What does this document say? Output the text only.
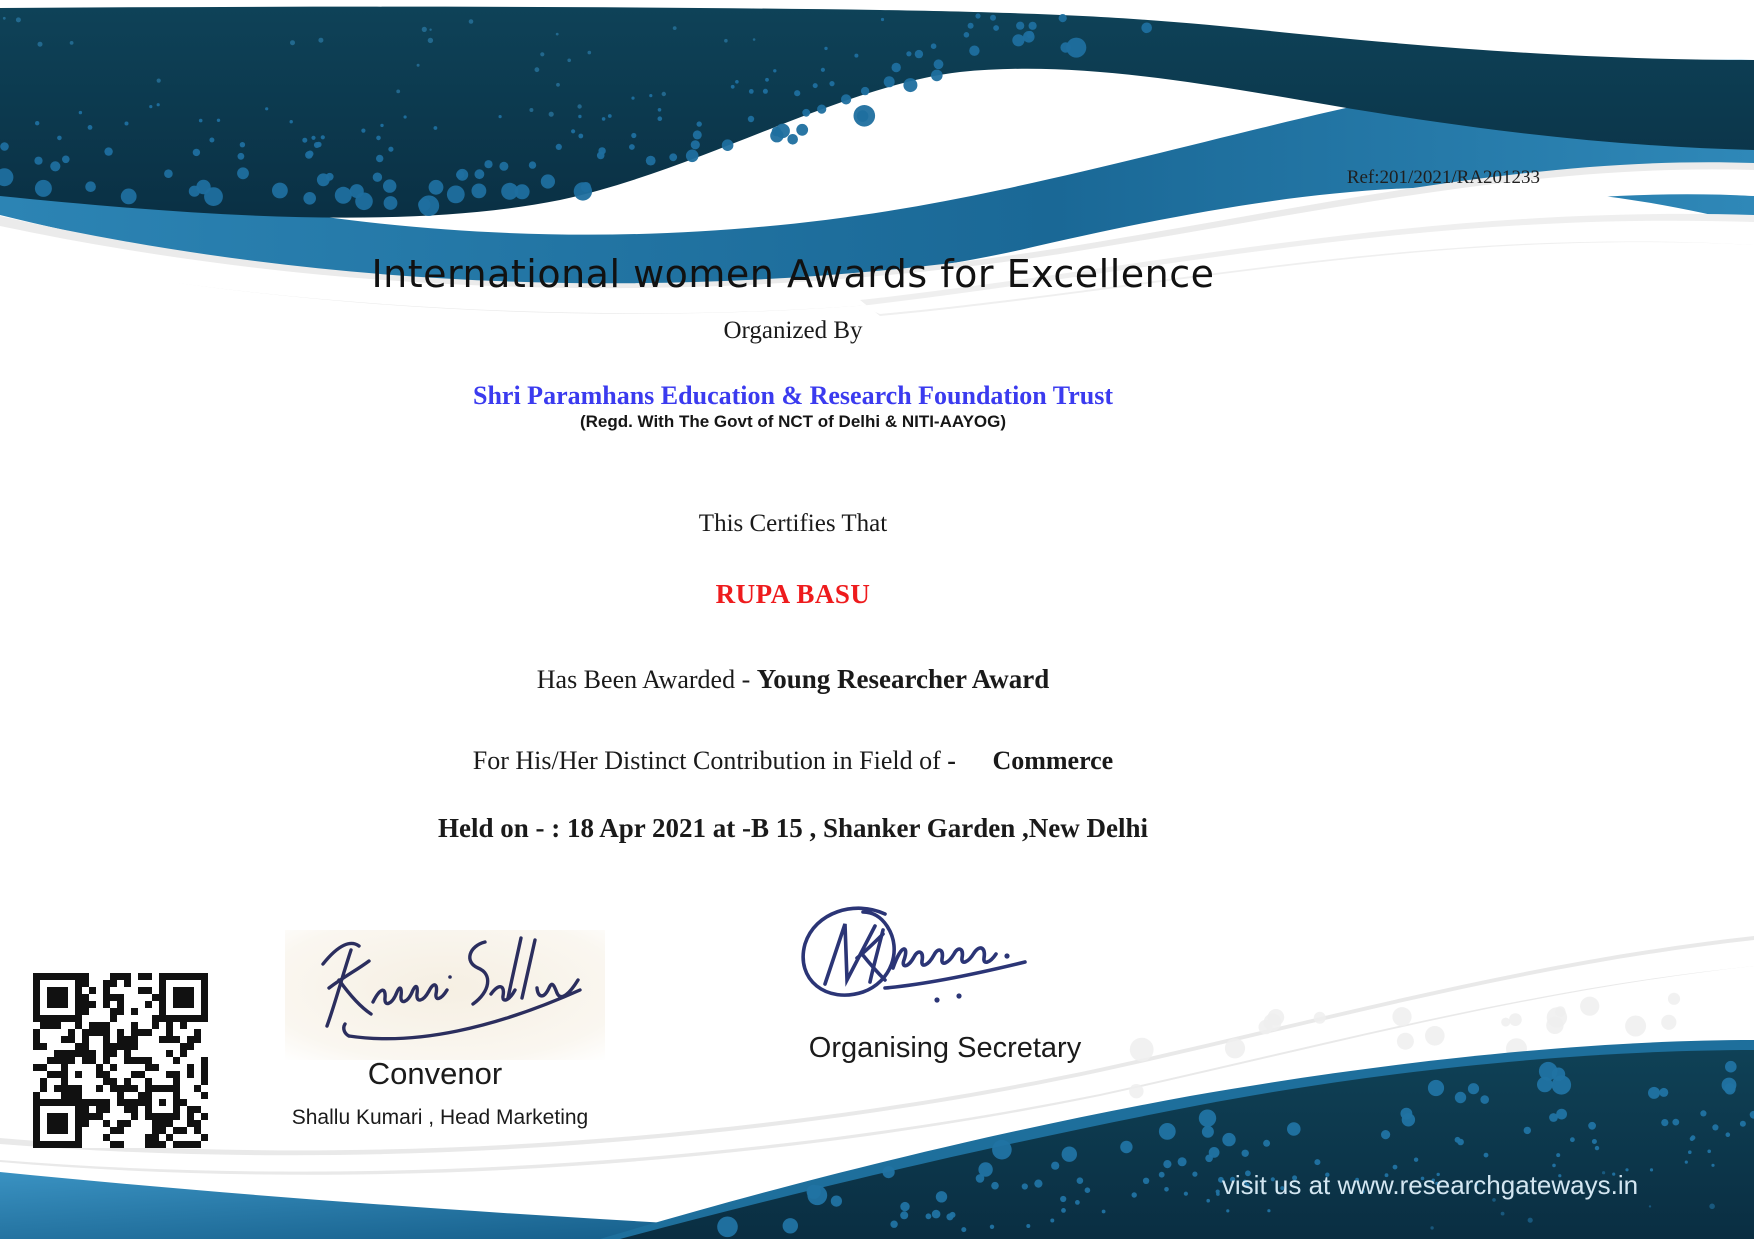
Ref:201/2021/RA201233
International women Awards for Excellence
Organized By
Shri Paramhans Education & Research Foundation Trust
(Regd. With The Govt of NCT of Delhi & NITI-AAYOG)
This Certifies That
RUPA BASU
Has Been Awarded - Young Researcher Award
For His/Her Distinct Contribution in Field of - Commerce
Held on - : 18 Apr 2021 at -B 15 , Shanker Garden ,New Delhi
Organising Secretary
Convenor
Shallu Kumari , Head Marketing
visit us at www.researchgateways.in
